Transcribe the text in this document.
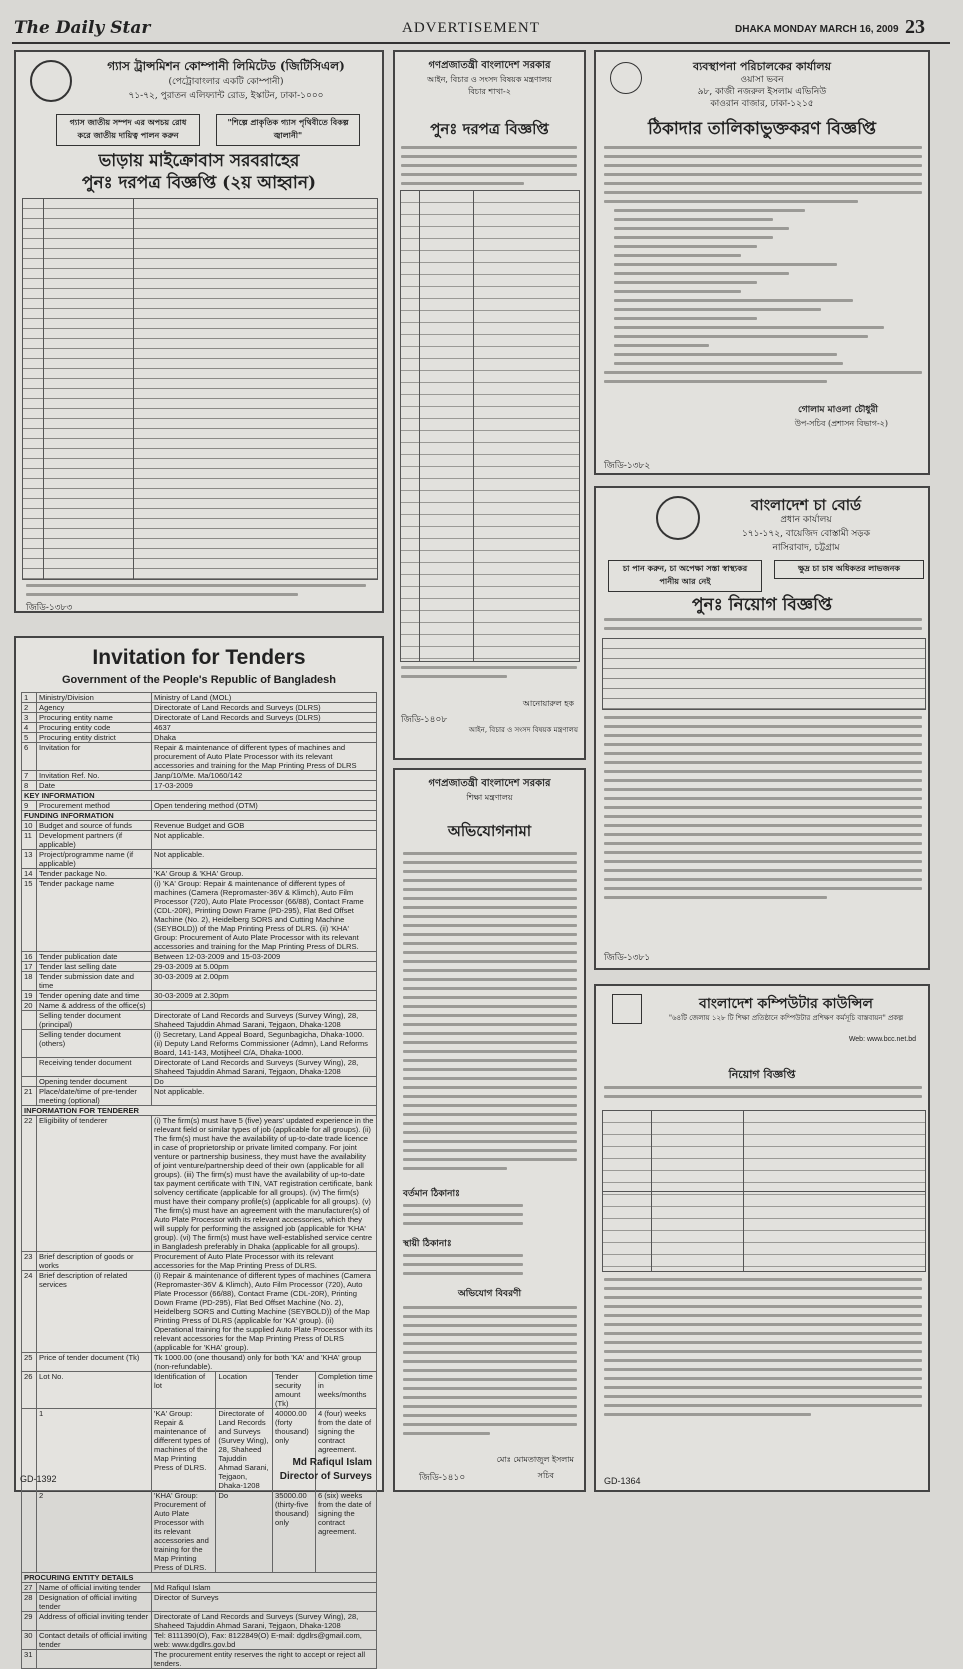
The Daily Star	ADVERTISEMENT	DHAKA MONDAY MARCH 16, 2009 23
গ্যাস ট্রান্সমিশন কোম্পানী লিমিটেড (জিটিসিএল)
(পেট্রোবাংলার একটি কোম্পানী)
৭১-৭২, পুরাতন এলিফ্যান্ট রোড, ইস্কাটন, ঢাকা-১০০০
গ্যাস জাতীয় সম্পদ এর অপচয় রোধ করে জাতীয় দায়িত্ব পালন করুন
"শিল্পে প্রাকৃতিক গ্যাস পৃথিবীতে বিকল্প জ্বালানী"
ভাড়ায় মাইক্রোবাস সরবরাহের
পুনঃ দরপত্র বিজ্ঞপ্তি (২য় আহ্বান)
জিডি-১৩৮৩
Invitation for Tenders
Government of the People's Republic of Bangladesh
1	Ministry/Division	Ministry of Land (MOL)			
2	Agency	Directorate of Land Records and Surveys (DLRS)			
3	Procuring entity name	Directorate of Land Records and Surveys (DLRS)			
4	Procuring entity code	4637			
5	Procuring entity district	Dhaka			
6	Invitation for	Repair & maintenance of different types of machines and procurement of Auto Plate Processor with its relevant accessories and training for the Map Printing Press of DLRS			
7	Invitation Ref. No.	Janp/10/Me. Ma/1060/142			
8	Date	17-03-2009			
KEY INFORMATION					
9	Procurement method	Open tendering method (OTM)			
FUNDING INFORMATION					
10	Budget and source of funds	Revenue Budget and GOB			
11	Development partners (if applicable)	Not applicable.			
13	Project/programme name (if applicable)	Not applicable.			
14	Tender package No.	'KA' Group & 'KHA' Group.			
15	Tender package name	(i) 'KA' Group: Repair & maintenance of different types of machines (Camera (Repromaster-36V & Klimch), Auto Film Processor (720), Auto Plate Processor (66/88), Contact Frame (CDL-20R), Printing Down Frame (PD-295), Flat Bed Offset Machine (No. 2), Heidelberg SORS and Cutting Machine (SEYBOLD)) of the Map Printing Press of DLRS. (ii) 'KHA' Group: Procurement of Auto Plate Processor with its relevant accessories and training for the Map Printing Press of DLRS.			
16	Tender publication date	Between 12-03-2009 and 15-03-2009			
17	Tender last selling date	29-03-2009 at 5.00pm			
18	Tender submission date and time	30-03-2009 at 2.00pm			
19	Tender opening date and time	30-03-2009 at 2.30pm			
20	Name & address of the office(s)				
	Selling tender document (principal)	Directorate of Land Records and Surveys (Survey Wing), 28, Shaheed Tajuddin Ahmad Sarani, Tejgaon, Dhaka-1208			
	Selling tender document (others)	(i) Secretary, Land Appeal Board, Segunbagicha, Dhaka-1000. (ii) Deputy Land Reforms Commissioner (Admn), Land Reforms Board, 141-143, Motijheel C/A, Dhaka-1000.			
	Receiving tender document	Directorate of Land Records and Surveys (Survey Wing), 28, Shaheed Tajuddin Ahmad Sarani, Tejgaon, Dhaka-1208			
	Opening tender document	Do			
21	Place/date/time of pre-tender meeting (optional)	Not applicable.			
INFORMATION FOR TENDERER					
22	Eligibility of tenderer	(i) The firm(s) must have 5 (five) years' updated experience in the relevant field or similar types of job (applicable for all groups). (ii) The firm(s) must have the availability of up-to-date trade licence in case of proprietorship or private limited company. For joint venture or partnership business, they must have the availability of joint venture/partnership deed of their own (applicable for all groups). (iii) The firm(s) must have the availability of up-to-date tax payment certificate with TIN, VAT registration certificate, bank solvency certificate (applicable for all groups). (iv) The firm(s) must have their company profile(s) (applicable for all groups). (v) The firm(s) must have an agreement with the manufacturer(s) of Auto Plate Processor with its relevant accessories, which they will supply for performing the assigned job (applicable for 'KHA' group). (vi) The firm(s) must have well-established service centre in Bangladesh preferably in Dhaka (applicable for all groups).			
23	Brief description of goods or works	Procurement of Auto Plate Processor with its relevant accessories for the Map Printing Press of DLRS.			
24	Brief description of related services	(i) Repair & maintenance of different types of machines (Camera (Repromaster-36V & Klimch), Auto Film Processor (720), Auto Plate Processor (66/88), Contact Frame (CDL-20R), Printing Down Frame (PD-295), Flat Bed Offset Machine (No. 2), Heidelberg SORS and Cutting Machine (SEYBOLD)) of the Map Printing Press of DLRS (applicable for 'KA' group). (ii) Operational training for the supplied Auto Plate Processor with its relevant accessories for the Map Printing Press of DLRS (applicable for 'KHA' group).			
25	Price of tender document (Tk)	Tk 1000.00 (one thousand) only for both 'KA' and 'KHA' group (non-refundable).			
26	Lot No.	Identification of lot	Location	Tender security amount (Tk)	Completion time in weeks/months
	1	'KA' Group: Repair & maintenance of different types of machines of the Map Printing Press of DLRS.	Directorate of Land Records and Surveys (Survey Wing), 28, Shaheed Tajuddin Ahmad Sarani, Tejgaon, Dhaka-1208	40000.00 (forty thousand) only	4 (four) weeks from the date of signing the contract agreement.
	2	'KHA' Group: Procurement of Auto Plate Processor with its relevant accessories and training for the Map Printing Press of DLRS.	Do	35000.00 (thirty-five thousand) only	6 (six) weeks from the date of signing the contract agreement.
PROCURING ENTITY DETAILS					
27	Name of official inviting tender	Md Rafiqul Islam			
28	Designation of official inviting tender	Director of Surveys			
29	Address of official inviting tender	Directorate of Land Records and Surveys (Survey Wing), 28, Shaheed Tajuddin Ahmad Sarani, Tejgaon, Dhaka-1208			
30	Contact details of official inviting tender	Tel: 8111390(O), Fax: 8122849(O) E-mail: dgdlrs@gmail.com, web: www.dgdlrs.gov.bd			
31		The procurement entity reserves the right to accept or reject all tenders.			
Md Rafiqul Islam
Director of Surveys
GD-1392
গণপ্রজাতন্ত্রী বাংলাদেশ সরকার
আইন, বিচার ও সংসদ বিষয়ক মন্ত্রণালয়
বিচার শাখা-২
পুনঃ দরপত্র বিজ্ঞপ্তি
আনোয়ারুল হক
আইন, বিচার ও সংসদ বিষয়ক মন্ত্রণালয়
জিডি-১৪০৮
গণপ্রজাতন্ত্রী বাংলাদেশ সরকার
শিক্ষা মন্ত্রণালয়
অভিযোগনামা
বর্তমান ঠিকানাঃ
স্থায়ী ঠিকানাঃ
অভিযোগ বিবরণী
জিডি-১৪১০
মোঃ মোমতাজুল ইসলাম
সচিব
ব্যবস্থাপনা পরিচালকের কার্যালয়
ওয়াসা ভবন
৯৮, কাজী নজরুল ইসলাম এভিনিউ
কাওরান বাজার, ঢাকা-১২১৫
ঠিকাদার তালিকাভুক্তকরণ বিজ্ঞপ্তি
গোলাম মাওলা চৌধুরী
উপ-সচিব (প্রশাসন বিভাগ-২)
জিডি-১৩৮২
বাংলাদেশ চা বোর্ড
প্রধান কার্যালয়
১৭১-১৭২, বায়েজিদ বোস্তামী সড়ক
নাসিরাবাদ, চট্টগ্রাম
চা পান করুন, চা অপেক্ষা সস্তা স্বাস্থ্যকর পানীয় আর নেই
ক্ষুদ্র চা চাষ অধিকতর লাভজনক
পুনঃ নিয়োগ বিজ্ঞপ্তি
জিডি-১৩৮১
বাংলাদেশ কম্পিউটার কাউন্সিল
"৬৪টি জেলায় ১২৮ টি শিক্ষা প্রতিষ্ঠানে কম্পিউটার প্রশিক্ষণ কর্মসূচি বাস্তবায়ন" প্রকল্প
Web: www.bcc.net.bd
নিয়োগ বিজ্ঞপ্তি
GD-1364
